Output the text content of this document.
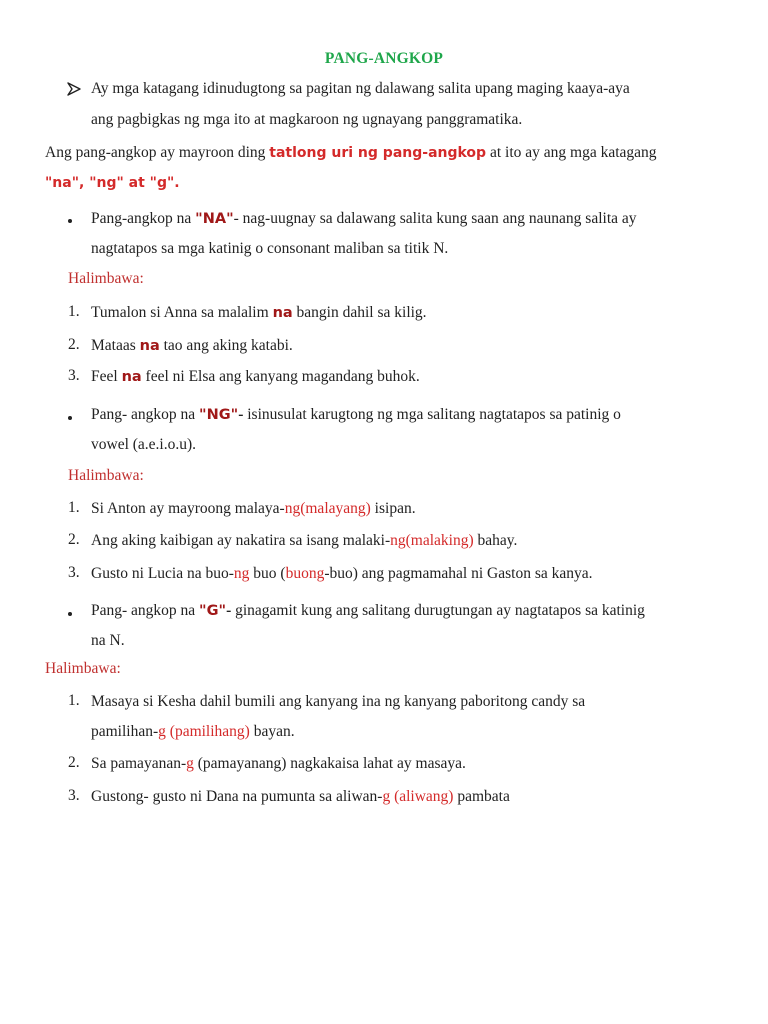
PANG-ANGKOP
Ay mga katagang idinudugtong sa pagitan ng dalawang salita upang maging kaaya-aya
ang pagbigkas ng mga ito at magkaroon ng ugnayang panggramatika.
Ang pang-angkop ay mayroon ding tatlong uri ng pang-angkop at ito ay ang mga katagang
"na", "ng" at "g".
Pang-angkop na "NA"- nag-uugnay sa dalawang salita kung saan ang naunang salita ay
nagtatapos sa mga katinig o consonant maliban sa titik N.
Halimbawa:
1. Tumalon si Anna sa malalim na bangin dahil sa kilig.
2. Mataas na tao ang aking katabi.
3. Feel na feel ni Elsa ang kanyang magandang buhok.
Pang- angkop na "NG"- isinusulat karugtong ng mga salitang nagtatapos sa patinig o
vowel (a.e.i.o.u).
Halimbawa:
1. Si Anton ay mayroong malaya-ng(malayang) isipan.
2. Ang aking kaibigan ay nakatira sa isang malaki-ng(malaking) bahay.
3. Gusto ni Lucia na buo-ng buo (buong-buo) ang pagmamahal ni Gaston sa kanya.
Pang- angkop na "G"- ginagamit kung ang salitang durugtungan ay nagtatapos sa katinig
na N.
Halimbawa:
1. Masaya si Kesha dahil bumili ang kanyang ina ng kanyang paboritong candy sa
pamilihan-g (pamilihang) bayan.
2. Sa pamayanan-g (pamayanang) nagkakaisa lahat ay masaya.
3. Gustong- gusto ni Dana na pumunta sa aliwan-g (aliwang) pambata
